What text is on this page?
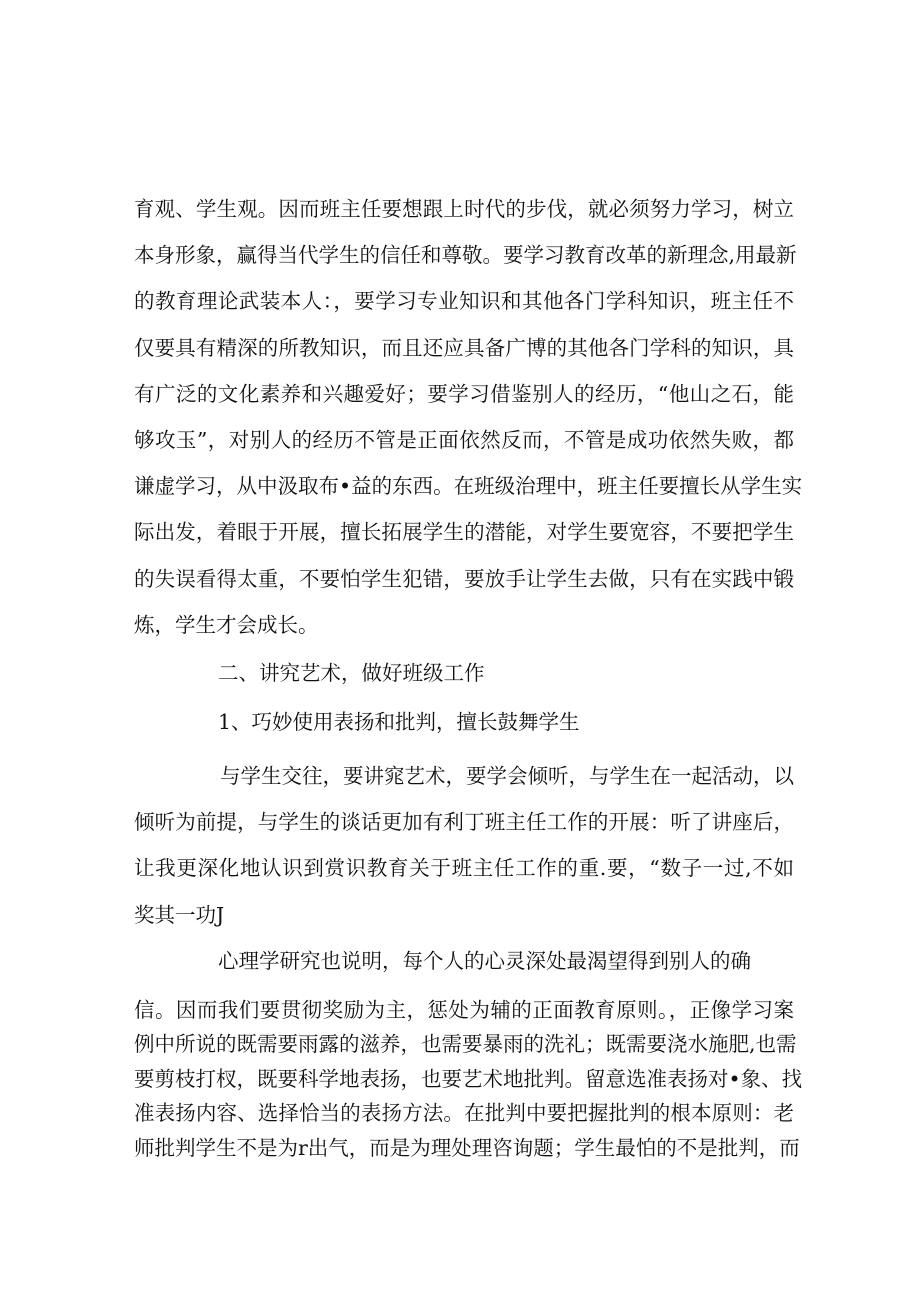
育观、学生观。因而班主任要想跟上时代的步伐，就必须努力学习，树立
本身形象，赢得当代学生的信任和尊敬。要学习教育改革的新理念,用最新
的教育理论武装本人：，要学习专业知识和其他各门学科知识，班主任不
仅要具有精深的所教知识，而且还应具备广博的其他各门学科的知识，具
有广泛的文化素养和兴趣爱好；要学习借鉴别人的经历，“他山之石，能
够攻玉”，对别人的经历不管是正面依然反而，不管是成功依然失败，都
谦虚学习，从中汲取布•益的东西。在班级治理中，班主任要擅长从学生实
际出发，着眼于开展，擅长拓展学生的潜能，对学生要宽容，不要把学生
的失误看得太重，不要怕学生犯错，要放手让学生去做，只有在实践中锻
炼，学生才会成长。
二、讲究艺术，做好班级工作
1、巧妙使用表扬和批判，擅长鼓舞学生
与学生交往，要讲窕艺术，要学会倾听，与学生在一起活动，以
倾听为前提，与学生的谈话更加有利丁班主任工作的开展：听了讲座后，
让我更深化地认识到赏识教育关于班主任工作的重.要，“数子一过,不如
奖其一功J
心理学研究也说明，每个人的心灵深处最渴望得到别人的确
信。因而我们要贯彻奖励为主，惩处为辅的正面教育原则。，正像学习案
例中所说的既需要雨露的滋养，也需要暴雨的洗礼；既需要浇水施肥,也需
要剪枝打杈，既要科学地表扬，也要艺术地批判。留意选准表扬对•象、找
准表扬内容、选择恰当的表扬方法。在批判中要把握批判的根本原则：老
师批判学生不是为r出气，而是为理处理咨询题；学生最怕的不是批判，而
